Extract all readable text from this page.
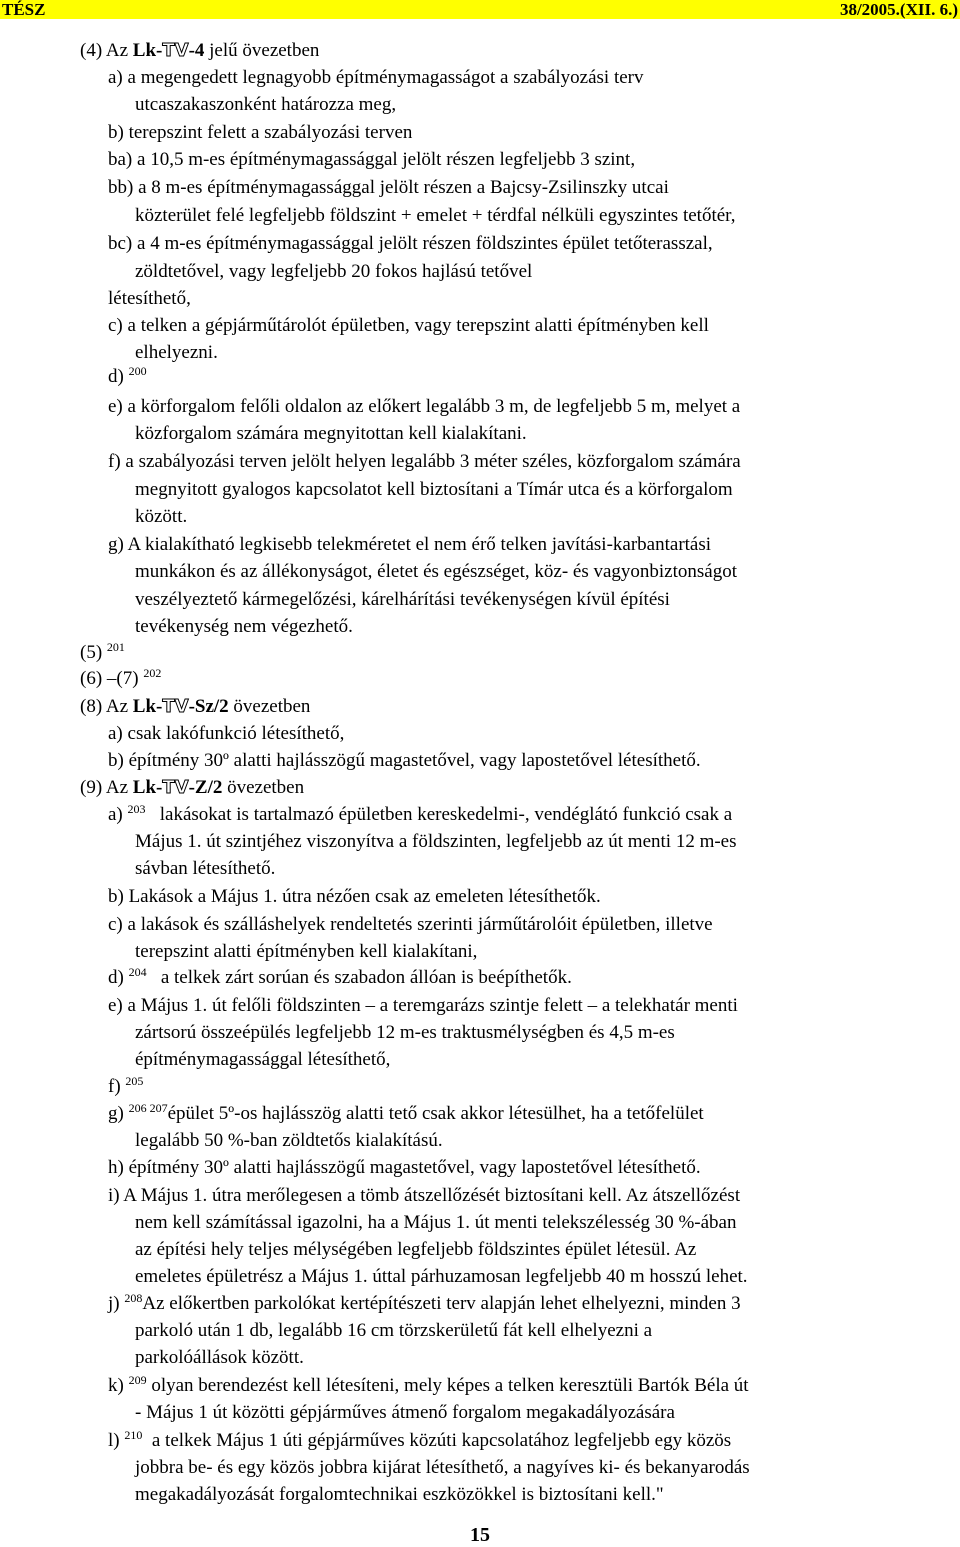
TÉSZ	38/2005.(XII. 6.)
(4) Az Lk-TV-4 jelű övezetben
a) a megengedett legnagyobb építménymagasságot a szabályozási terv
utcaszakaszonként határozza meg,
b) terepszint felett a szabályozási terven
ba) a 10,5 m-es építménymagassággal jelölt részen legfeljebb 3 szint,
bb) a 8 m-es építménymagassággal jelölt részen a Bajcsy-Zsilinszky utcai
közterület felé legfeljebb földszint + emelet + térdfal nélküli egyszintes tetőtér,
bc) a 4 m-es építménymagassággal jelölt részen földszintes épület tetőterasszal,
zöldtetővel, vagy legfeljebb 20 fokos hajlású tetővel
létesíthető,
c) a telken a gépjárműtárolót épületben, vagy terepszint alatti építményben kell
elhelyezni.
d) $^{200}$
e) a körforgalom felőli oldalon az előkert legalább 3 m, de legfeljebb 5 m, melyet a
közforgalom számára megnyitottan kell kialakítani.
f) a szabályozási terven jelölt helyen legalább 3 méter széles, közforgalom számára
megnyitott gyalogos kapcsolatot kell biztosítani a Tímár utca és a körforgalom
között.
g) A kialakítható legkisebb telekméretet el nem érő telken javítási-karbantartási
munkákon és az állékonyságot, életet és egészséget, köz- és vagyonbiztonságot
veszélyeztető kármegelőzési, kárelhárítási tevékenységen kívül építési
tevékenység nem végezhető.
(5) $^{201}$
(6) –(7) $^{202}$
(8) Az Lk-TV-Sz/2 övezetben
a) csak lakófunkció létesíthető,
b) építmény 30º alatti hajlásszögű magastetővel, vagy lapostetővel létesíthető.
(9) Az Lk-TV-Z/2 övezetben
a) $^{203}$ lakásokat is tartalmazó épületben kereskedelmi-, vendéglátó funkció csak a
Május 1. út szintjéhez viszonyítva a földszinten, legfeljebb az út menti 12 m-es
sávban létesíthető.
b) Lakások a Május 1. útra nézően csak az emeleten létesíthetők.
c) a lakások és szálláshelyek rendeltetés szerinti járműtárolóit épületben, illetve
terepszint alatti építményben kell kialakítani,
d) $^{204}$ a telkek zárt sorúan és szabadon állóan is beépíthetők.
e) a Május 1. út felőli földszinten – a teremgarázs szintje felett – a telekhatár menti
zártsorú összeépülés legfeljebb 12 m-es traktusmélységben és 4,5 m-es
építménymagassággal létesíthető,
f) $^{205}$
g) $^{206 207}$épület 5º-os hajlásszög alatti tető csak akkor létesülhet, ha a tetőfelület
legalább 50 %-ban zöldtetős kialakítású.
h) építmény 30º alatti hajlásszögű magastetővel, vagy lapostetővel létesíthető.
i) A Május 1. útra merőlegesen a tömb átszellőzését biztosítani kell. Az átszellőzést
nem kell számítással igazolni, ha a Május 1. út menti telekszélesség 30 %-ában
az építési hely teljes mélységében legfeljebb földszintes épület létesül. Az
emeletes épületrész a Május 1. úttal párhuzamosan legfeljebb 40 m hosszú lehet.
j) $^{208}$Az előkertben parkolókat kertépítészeti terv alapján lehet elhelyezni, minden 3
parkoló után 1 db, legalább 16 cm törzskerületű fát kell elhelyezni a
parkolóállások között.
k) $^{209}$ olyan berendezést kell létesíteni, mely képes a telken keresztüli Bartók Béla út
- Május 1 út közötti gépjárműves átmenő forgalom megakadályozására
l) $^{210}$ a telkek Május 1 úti gépjárműves közúti kapcsolatához legfeljebb egy közös
jobbra be- és egy közös jobbra kijárat létesíthető, a nagyíves ki- és bekanyarodás
megakadályozását forgalomtechnikai eszközökkel is biztosítani kell."
15
